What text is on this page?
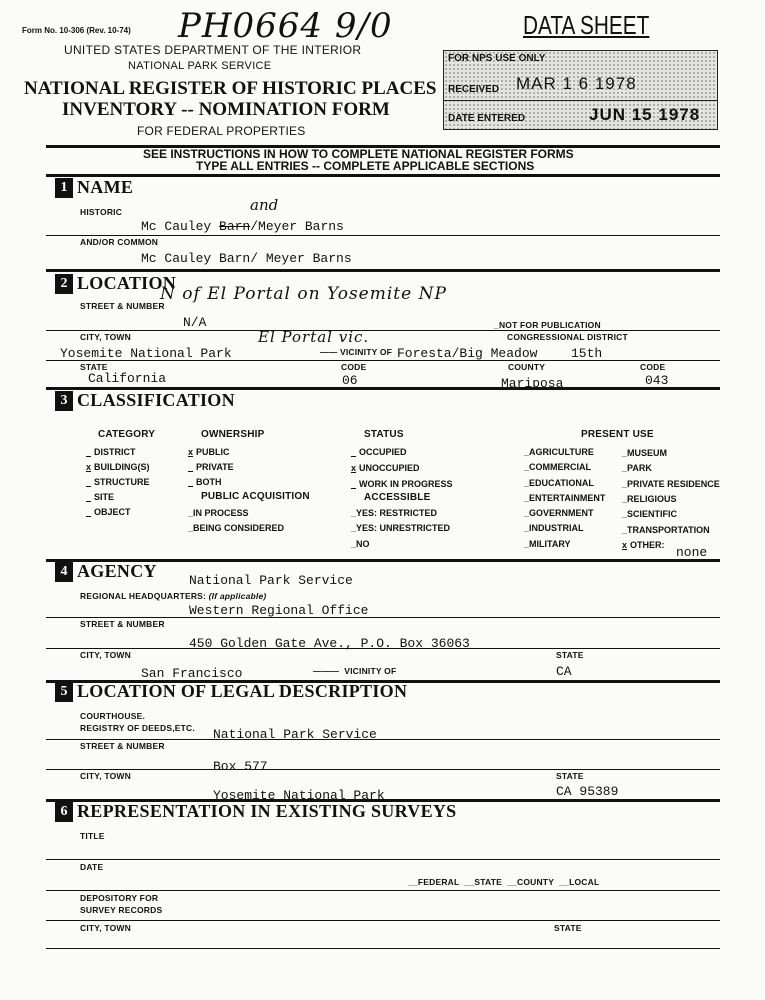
Form No. 10-306 (Rev. 10-74) PH0664 9/0	DATA SHEET
UNITED STATES DEPARTMENT OF THE INTERIOR
NATIONAL PARK SERVICE
NATIONAL REGISTER OF HISTORIC PLACES
INVENTORY -- NOMINATION FORM
FOR FEDERAL PROPERTIES
FOR NPS USE ONLY
RECEIVED MAR 1 6 1978
DATE ENTERED	JUN 15 1978
SEE INSTRUCTIONS IN HOW TO COMPLETE NATIONAL REGISTER FORMS
TYPE ALL ENTRIES -- COMPLETE APPLICABLE SECTIONS
1 NAME
HISTORIC	and
Mc Cauley Barn/Meyer Barns
AND/OR COMMON
Mc Cauley Barn/ Meyer Barns
2 LOCATION
STREET & NUMBER
N of El Portal on Yosemite NP
N/A	_NOT FOR PUBLICATION
CITY, TOWN	El Portal vic.	CONGRESSIONAL DISTRICT
Yosemite National Park	—— VICINITY OF Foresta/Big Meadow	15th
STATE	CODE	COUNTY	CODE
California	06	Mariposa	043
3 CLASSIFICATION
CATEGORY	OWNERSHIP	STATUS	PRESENT USE
DISTRICT
x BUILDING(S)
STRUCTURE
SITE
OBJECT
x PUBLIC
PRIVATE
BOTH
PUBLIC ACQUISITION
_IN PROCESS
_BEING CONSIDERED
OCCUPIED
x UNOCCUPIED
WORK IN PROGRESS
ACCESSIBLE
_YES: RESTRICTED
_YES: UNRESTRICTED
_NO
_AGRICULTURE
_COMMERCIAL
_EDUCATIONAL
_ENTERTAINMENT
_GOVERNMENT
_INDUSTRIAL
_MILITARY
_MUSEUM
_PARK
_PRIVATE RESIDENCE
_RELIGIOUS
_SCIENTIFIC
_TRANSPORTATION
x OTHER: none
4 AGENCY National Park Service
REGIONAL HEADQUARTERS: (If applicable)
Western Regional Office
STREET & NUMBER
450 Golden Gate Ave., P.O. Box 36063
CITY, TOWN	STATE
San Francisco	———  VICINITY OF	CA
5 LOCATION OF LEGAL DESCRIPTION
COURTHOUSE.
REGISTRY OF DEEDS,ETC. National Park Service
STREET & NUMBER
Box 577
CITY, TOWN	STATE
Yosemite National Park	CA 95389
6 REPRESENTATION IN EXISTING SURVEYS
TITLE
DATE
__FEDERAL __STATE __COUNTY __LOCAL
DEPOSITORY FOR
SURVEY RECORDS
CITY, TOWN	STATE
